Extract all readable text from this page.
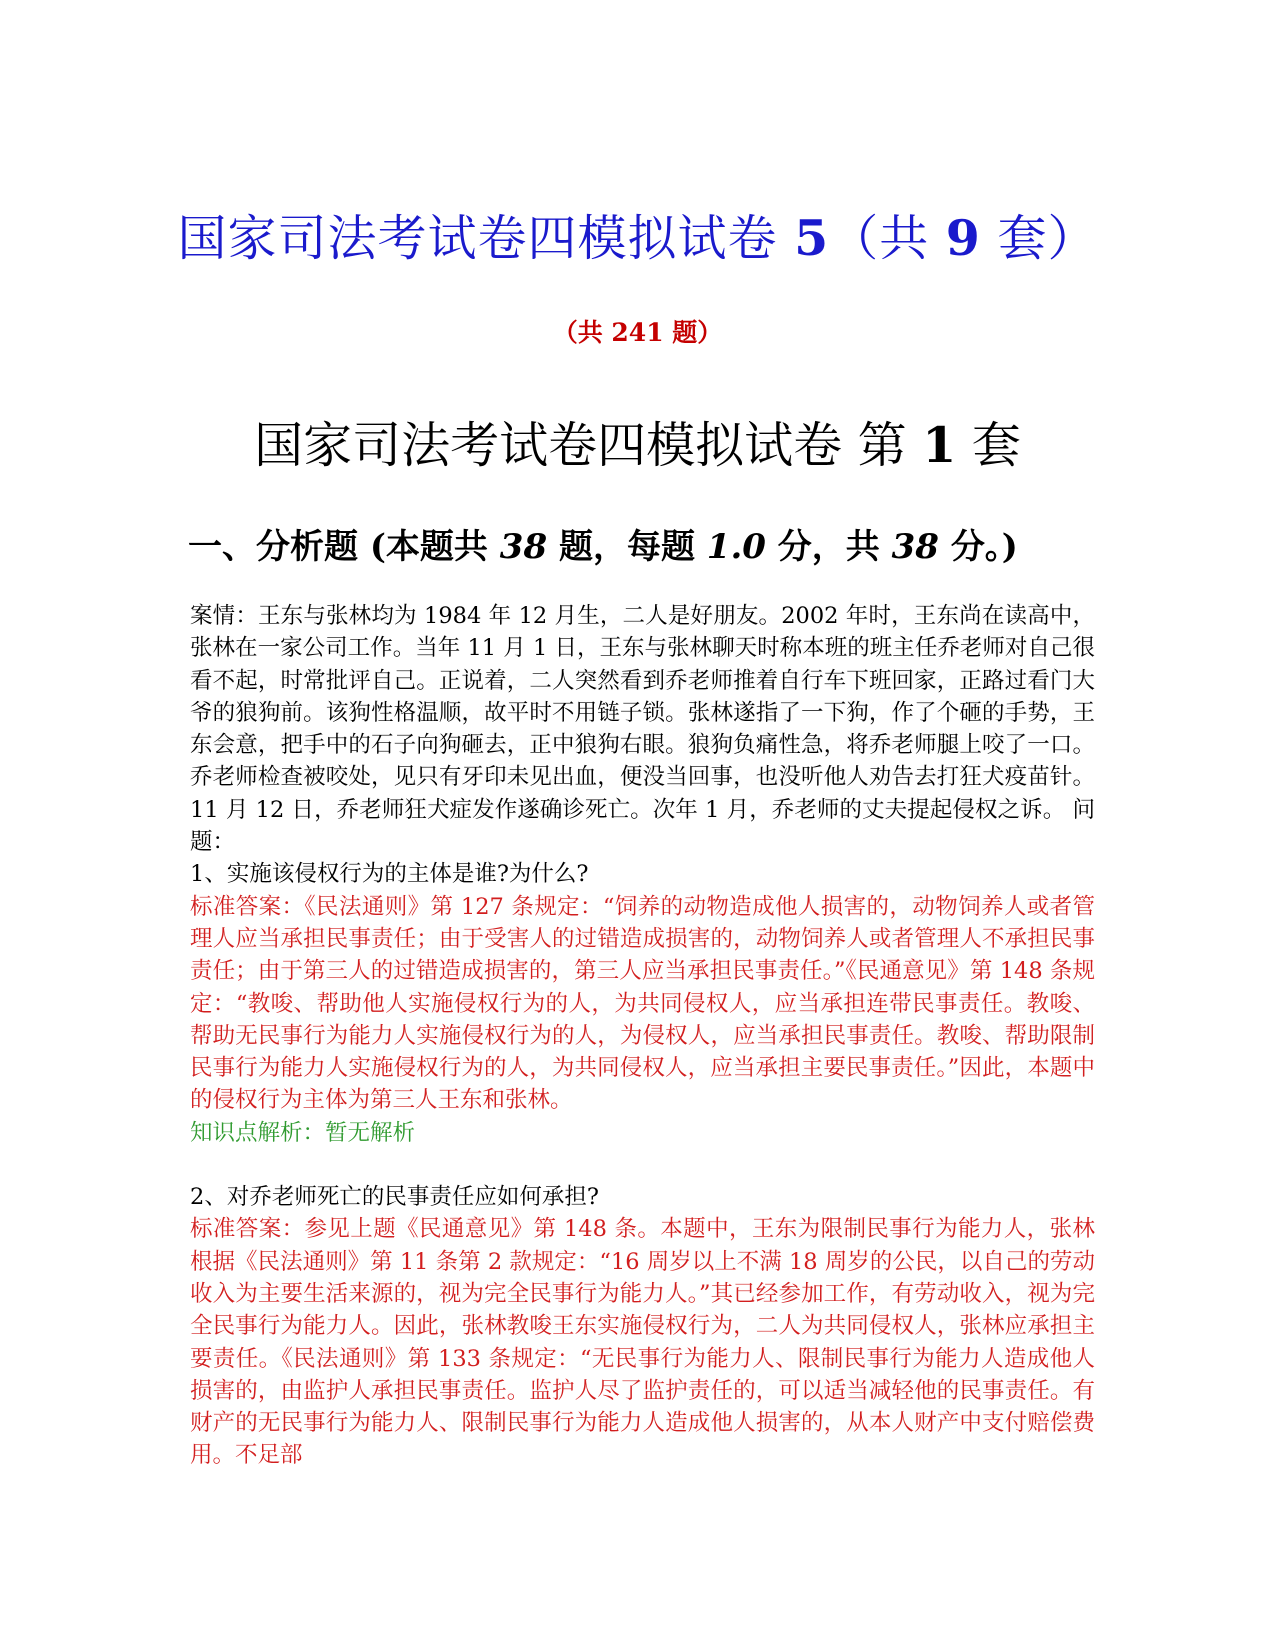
国家司法考试卷四模拟试卷 5（共 9 套）
（共 241 题）
国家司法考试卷四模拟试卷 第 1 套
一、分析题 (本题共 38 题，每题 1.0 分，共 38 分。)

案情：王东与张林均为 1984 年 12 月生，二人是好朋友。2002 年时，王东尚在读高中，张林在一家公司工作。当年 11 月 1 日，王东与张林聊天时称本班的班主任乔老师对自己很看不起，时常批评自己。正说着，二人突然看到乔老师推着自行车下班回家，正路过看门大爷的狼狗前。该狗性格温顺，故平时不用链子锁。张林遂指了一下狗，作了个砸的手势，王东会意，把手中的石子向狗砸去，正中狼狗右眼。狼狗负痛性急，将乔老师腿上咬了一口。乔老师检查被咬处，见只有牙印未见出血，便没当回事，也没听他人劝告去打狂犬疫苗针。11 月 12 日，乔老师狂犬症发作遂确诊死亡。次年 1 月，乔老师的丈夫提起侵权之诉。 问题：

1、实施该侵权行为的主体是谁?为什么?

标准答案：《民法通则》第 127 条规定：“饲养的动物造成他人损害的，动物饲养人或者管理人应当承担民事责任；由于受害人的过错造成损害的，动物饲养人或者管理人不承担民事责任；由于第三人的过错造成损害的，第三人应当承担民事责任。”《民通意见》第 148 条规定：“教唆、帮助他人实施侵权行为的人，为共同侵权人，应当承担连带民事责任。教唆、帮助无民事行为能力人实施侵权行为的人，为侵权人，应当承担民事责任。教唆、帮助限制民事行为能力人实施侵权行为的人，为共同侵权人，应当承担主要民事责任。”因此，本题中的侵权行为主体为第三人王东和张林。

知识点解析：暂无解析

2、对乔老师死亡的民事责任应如何承担?

标准答案：参见上题《民通意见》第 148 条。本题中，王东为限制民事行为能力人，张林根据《民法通则》第 11 条第 2 款规定：“16 周岁以上不满 18 周岁的公民，以自己的劳动收入为主要生活来源的，视为完全民事行为能力人。”其已经参加工作，有劳动收入，视为完全民事行为能力人。因此，张林教唆王东实施侵权行为，二人为共同侵权人，张林应承担主要责任。《民法通则》第 133 条规定：“无民事行为能力人、限制民事行为能力人造成他人损害的，由监护人承担民事责任。监护人尽了监护责任的，可以适当减轻他的民事责任。有财产的无民事行为能力人、限制民事行为能力人造成他人损害的，从本人财产中支付赔偿费用。不足部
